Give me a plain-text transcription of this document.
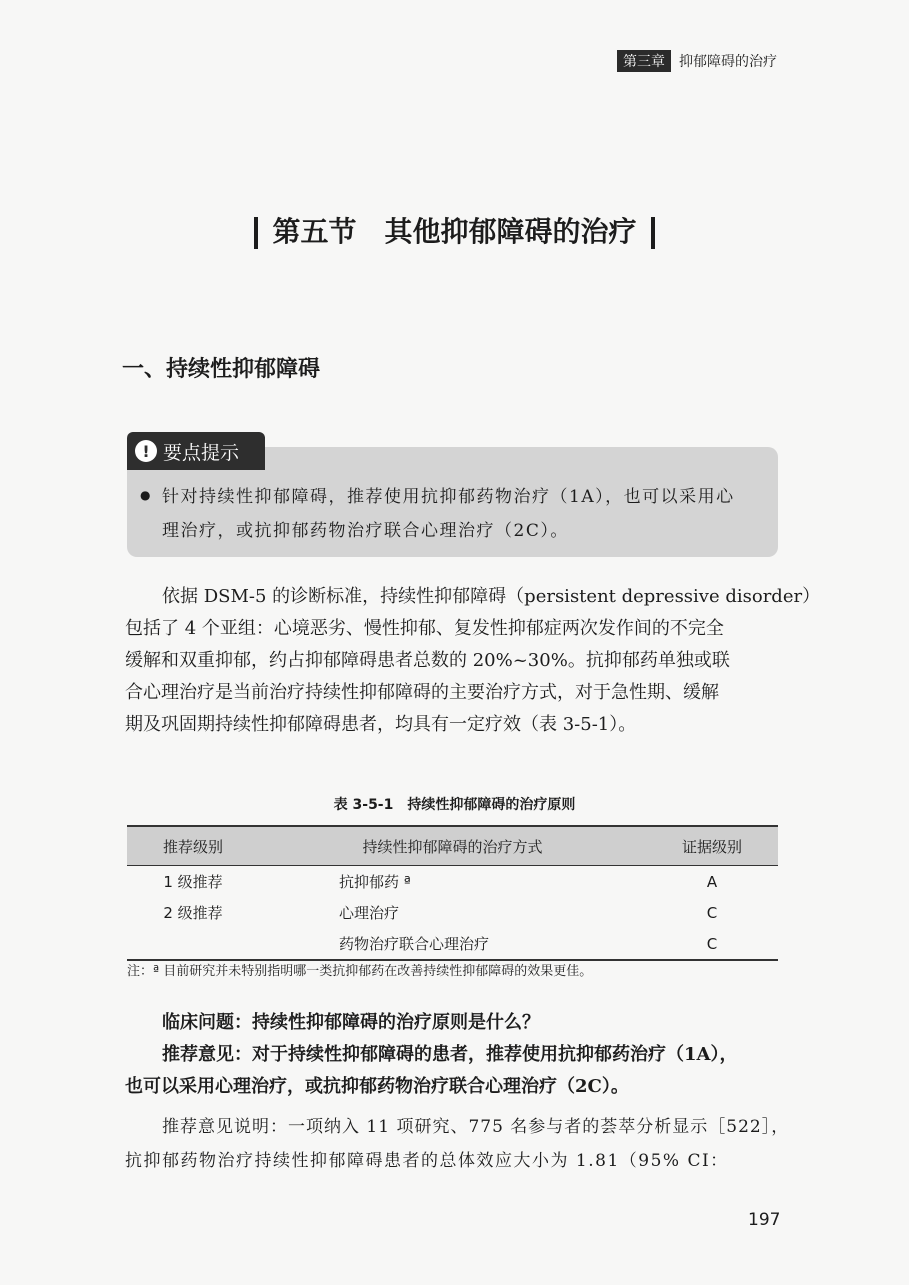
第三章	抑郁障碍的治疗
第五节　其他抑郁障碍的治疗
一、持续性抑郁障碍
! 要点提示
● 针对持续性抑郁障碍，推荐使用抗抑郁药物治疗（1A），也可以采用心
理治疗，或抗抑郁药物治疗联合心理治疗（2C）。
依据 DSM-5 的诊断标准，持续性抑郁障碍（persistent depressive disorder）
包括了 4 个亚组：心境恶劣、慢性抑郁、复发性抑郁症两次发作间的不完全
缓解和双重抑郁，约占抑郁障碍患者总数的 20%~30%。抗抑郁药单独或联
合心理治疗是当前治疗持续性抑郁障碍的主要治疗方式，对于急性期、缓解
期及巩固期持续性抑郁障碍患者，均具有一定疗效（表 3-5-1）。
表 3-5-1　持续性抑郁障碍的治疗原则
推荐级别	持续性抑郁障碍的治疗方式	证据级别
1 级推荐	抗抑郁药 ª	A
2 级推荐	心理治疗	C
	药物治疗联合心理治疗	C
注：ª 目前研究并未特别指明哪一类抗抑郁药在改善持续性抑郁障碍的效果更佳。
临床问题：持续性抑郁障碍的治疗原则是什么？
推荐意见：对于持续性抑郁障碍的患者，推荐使用抗抑郁药治疗（1A），
也可以采用心理治疗，或抗抑郁药物治疗联合心理治疗（2C）。
推荐意见说明：一项纳入 11 项研究、775 名参与者的荟萃分析显示［522］，
抗抑郁药物治疗持续性抑郁障碍患者的总体效应大小为 1.81（95% CI：
197
